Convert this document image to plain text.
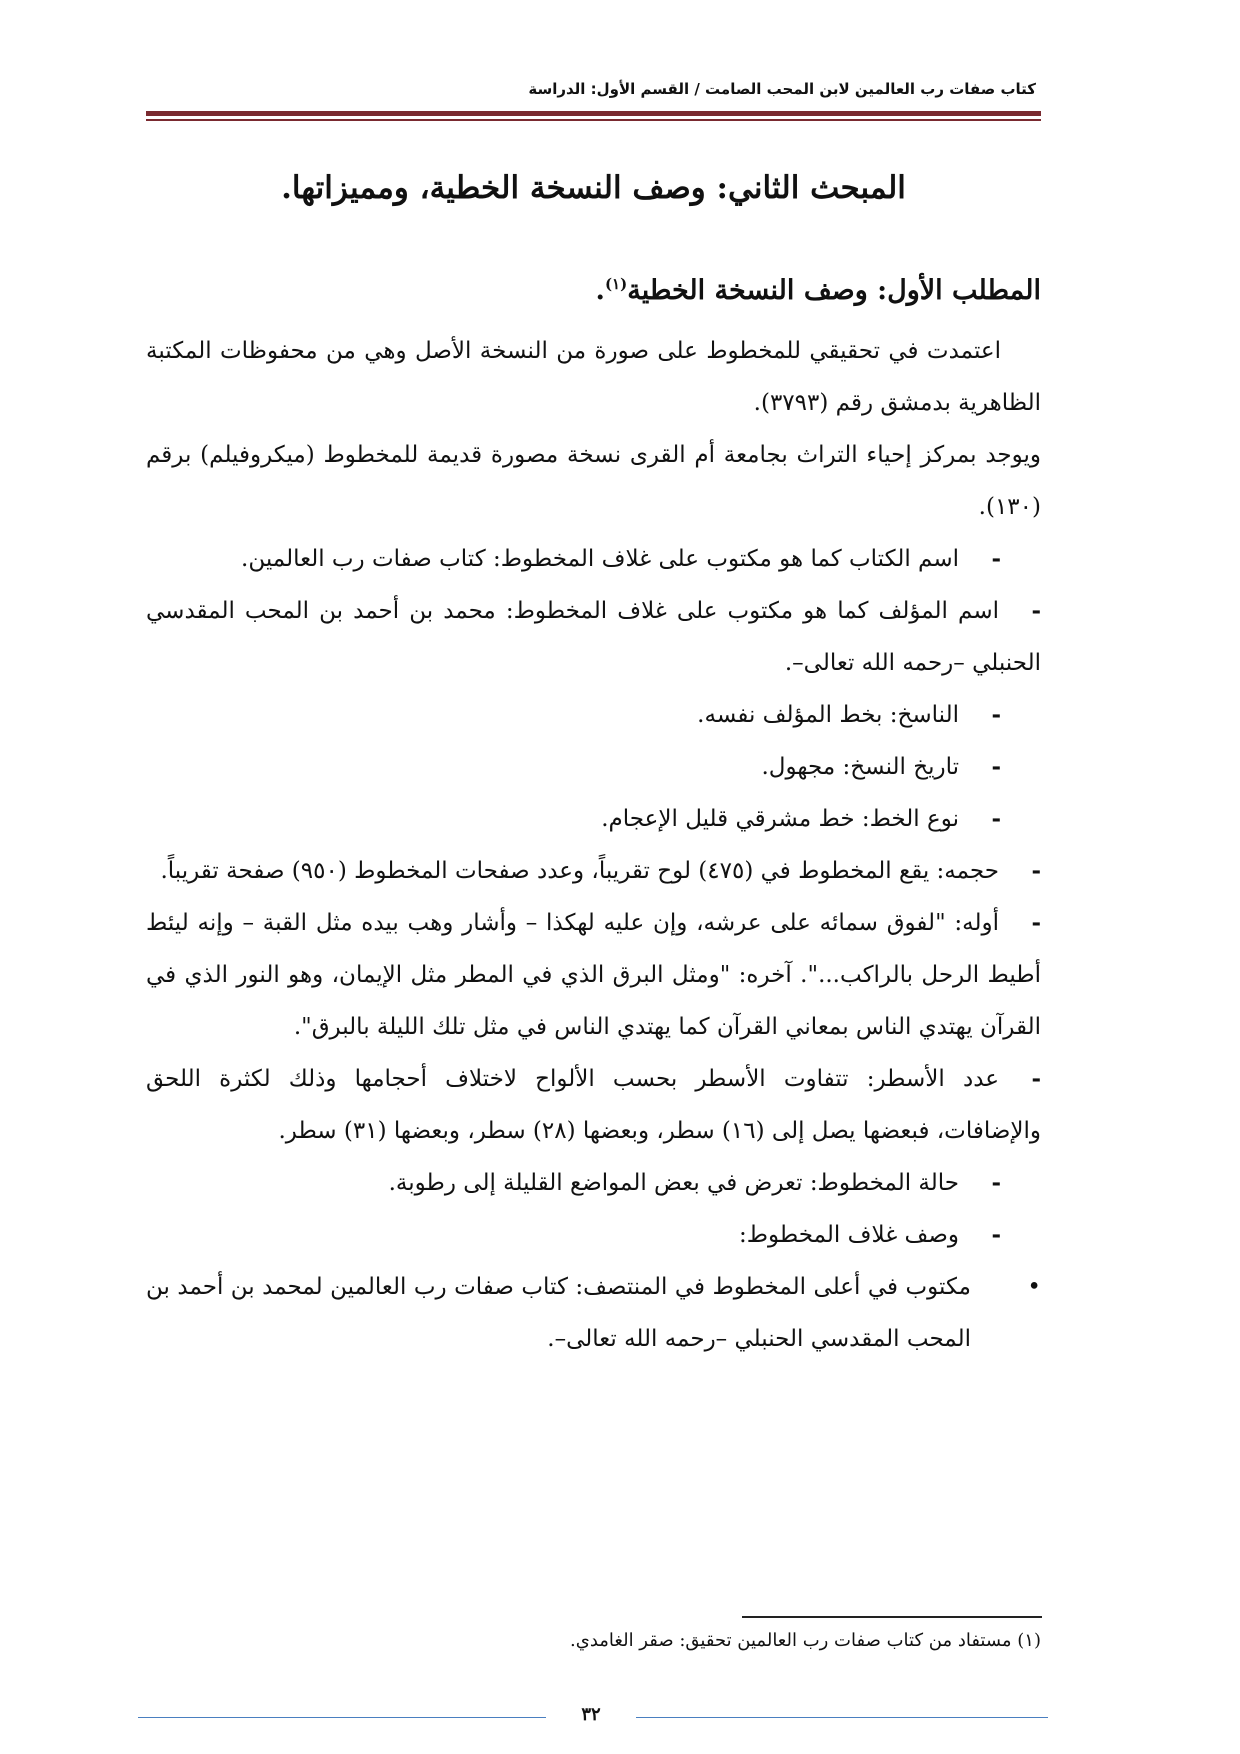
كتاب صفات رب العالمين لابن المحب الصامت / القسم الأول: الدراسة
المبحث الثاني: وصف النسخة الخطية، ومميزاتها.
المطلب الأول: وصف النسخة الخطية$^{(١)}$.

اعتمدت في تحقيقي للمخطوط على صورة من النسخة الأصل وهي من محفوظات المكتبة الظاهرية بدمشق رقم (٣٧٩٣).

ويوجد بمركز إحياء التراث بجامعة أم القرى نسخة مصورة قديمة للمخطوط (ميكروفيلم) برقم (١٣٠).

-اسم الكتاب كما هو مكتوب على غلاف المخطوط: كتاب صفات رب العالمين.

-اسم المؤلف كما هو مكتوب على غلاف المخطوط: محمد بن أحمد بن المحب المقدسي الحنبلي –رحمه الله تعالى–.

-الناسخ: بخط المؤلف نفسه.

-تاريخ النسخ: مجهول.

-نوع الخط: خط مشرقي قليل الإعجام.

-حجمه: يقع المخطوط في (٤٧٥) لوح تقريباً، وعدد صفحات المخطوط (٩٥٠) صفحة تقريباً.

-أوله: "لفوق سمائه على عرشه، وإن عليه لهكذا – وأشار وهب بيده مثل القبة – وإنه ليئط أطيط الرحل بالراكب...". آخره: "ومثل البرق الذي في المطر مثل الإيمان، وهو النور الذي في القرآن يهتدي الناس بمعاني القرآن كما يهتدي الناس في مثل تلك الليلة بالبرق".

-عدد الأسطر: تتفاوت الأسطر بحسب الألواح لاختلاف أحجامها وذلك لكثرة اللحق والإضافات، فبعضها يصل إلى (١٦) سطر، وبعضها (٢٨) سطر، وبعضها (٣١) سطر.

-حالة المخطوط: تعرض في بعض المواضع القليلة إلى رطوبة.

-وصف غلاف المخطوط:

•
مكتوب في أعلى المخطوط في المنتصف: كتاب صفات رب العالمين لمحمد بن أحمد بن المحب المقدسي الحنبلي –رحمه الله تعالى–.

(١) مستفاد من كتاب صفات رب العالمين تحقيق: صقر الغامدي.
٣٢
